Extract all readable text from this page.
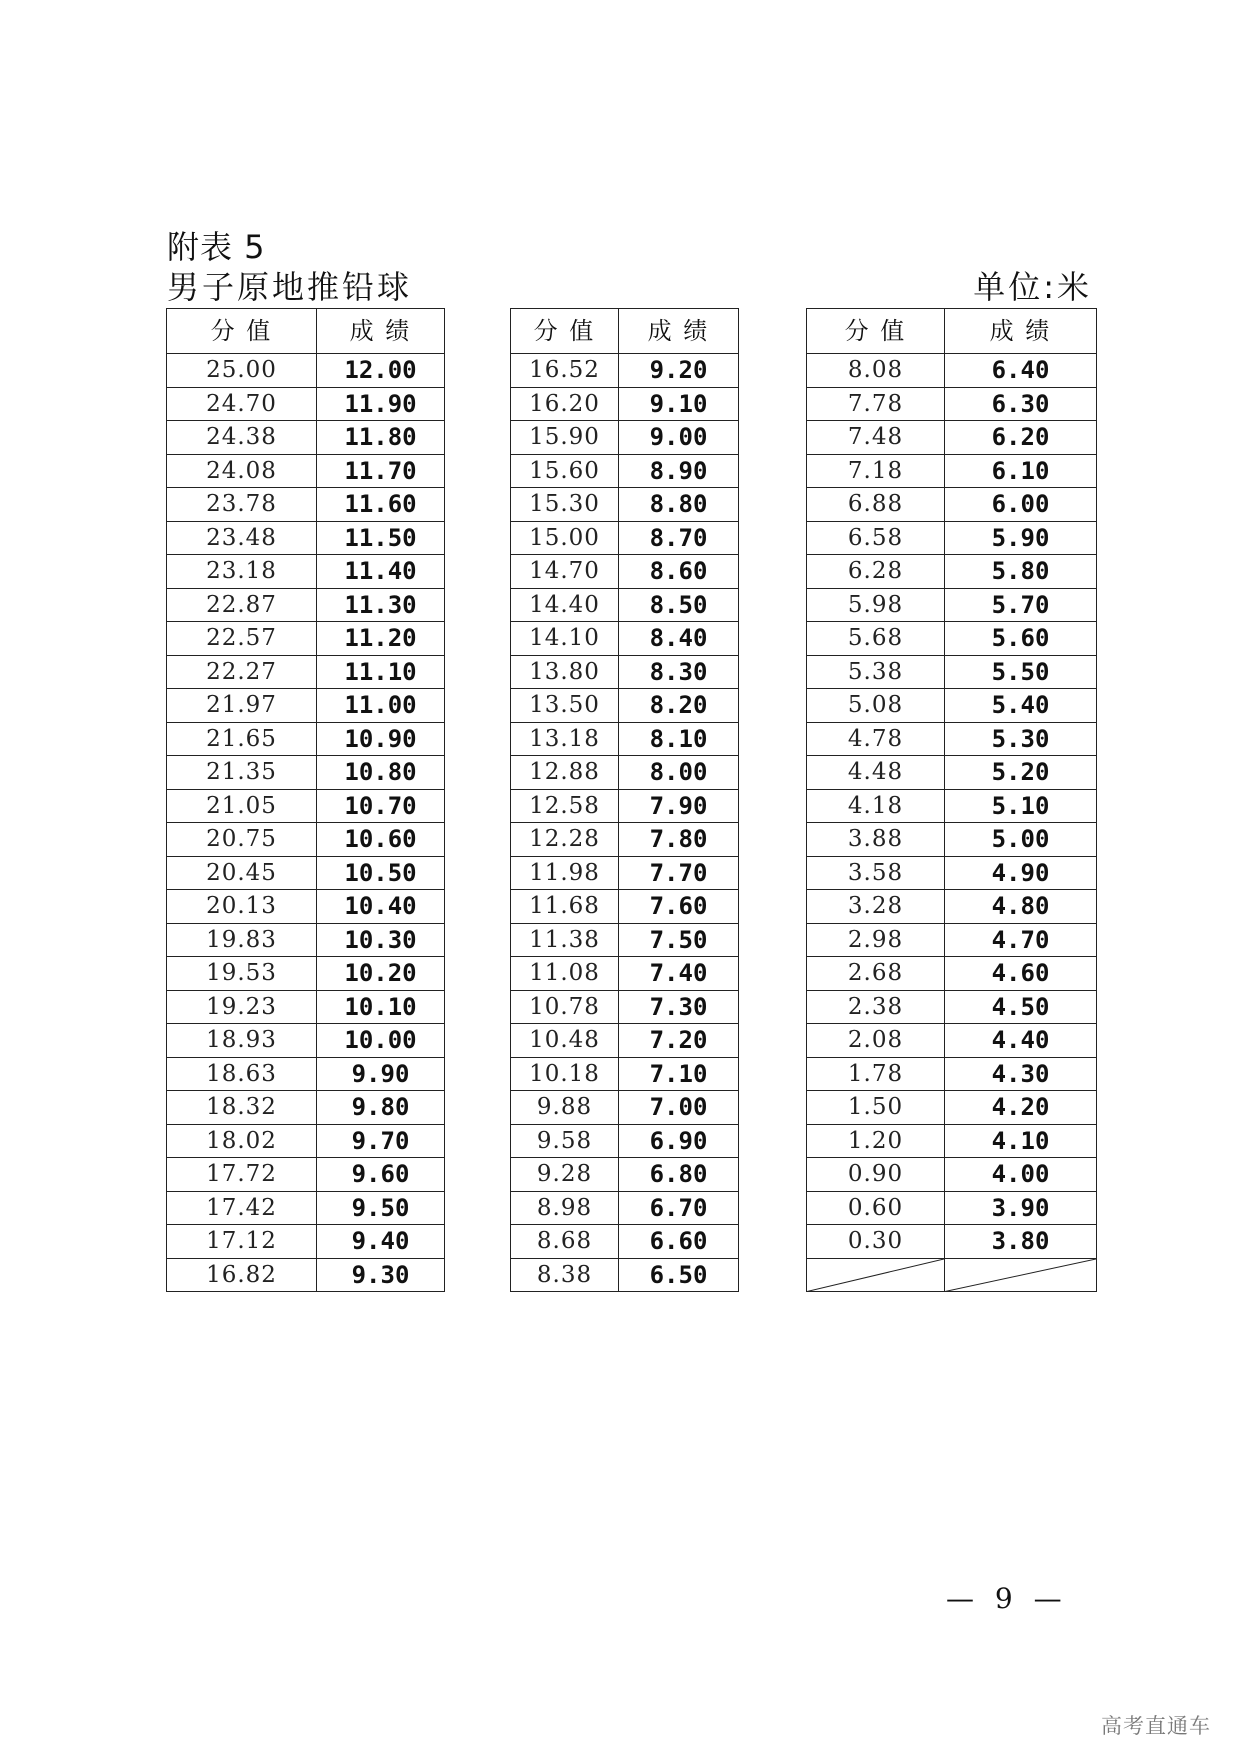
附表 5
男子原地推铅球	单位:米
分 值	成 绩		分 值	成 绩		分 值	成 绩
25.00	12.00		16.52	9.20		8.08	6.40
24.70	11.90		16.20	9.10		7.78	6.30
24.38	11.80		15.90	9.00		7.48	6.20
24.08	11.70		15.60	8.90		7.18	6.10
23.78	11.60		15.30	8.80		6.88	6.00
23.48	11.50		15.00	8.70		6.58	5.90
23.18	11.40		14.70	8.60		6.28	5.80
22.87	11.30		14.40	8.50		5.98	5.70
22.57	11.20		14.10	8.40		5.68	5.60
22.27	11.10		13.80	8.30		5.38	5.50
21.97	11.00		13.50	8.20		5.08	5.40
21.65	10.90		13.18	8.10		4.78	5.30
21.35	10.80		12.88	8.00		4.48	5.20
21.05	10.70		12.58	7.90		4.18	5.10
20.75	10.60		12.28	7.80		3.88	5.00
20.45	10.50		11.98	7.70		3.58	4.90
20.13	10.40		11.68	7.60		3.28	4.80
19.83	10.30		11.38	7.50		2.98	4.70
19.53	10.20		11.08	7.40		2.68	4.60
19.23	10.10		10.78	7.30		2.38	4.50
18.93	10.00		10.48	7.20		2.08	4.40
18.63	9.90		10.18	7.10		1.78	4.30
18.32	9.80		9.88	7.00		1.50	4.20
18.02	9.70		9.58	6.90		1.20	4.10
17.72	9.60		9.28	6.80		0.90	4.00
17.42	9.50		8.98	6.70		0.60	3.90
17.12	9.40		8.68	6.60		0.30	3.80
16.82	9.30		8.38	6.50		

— 9 —
高考直通车
